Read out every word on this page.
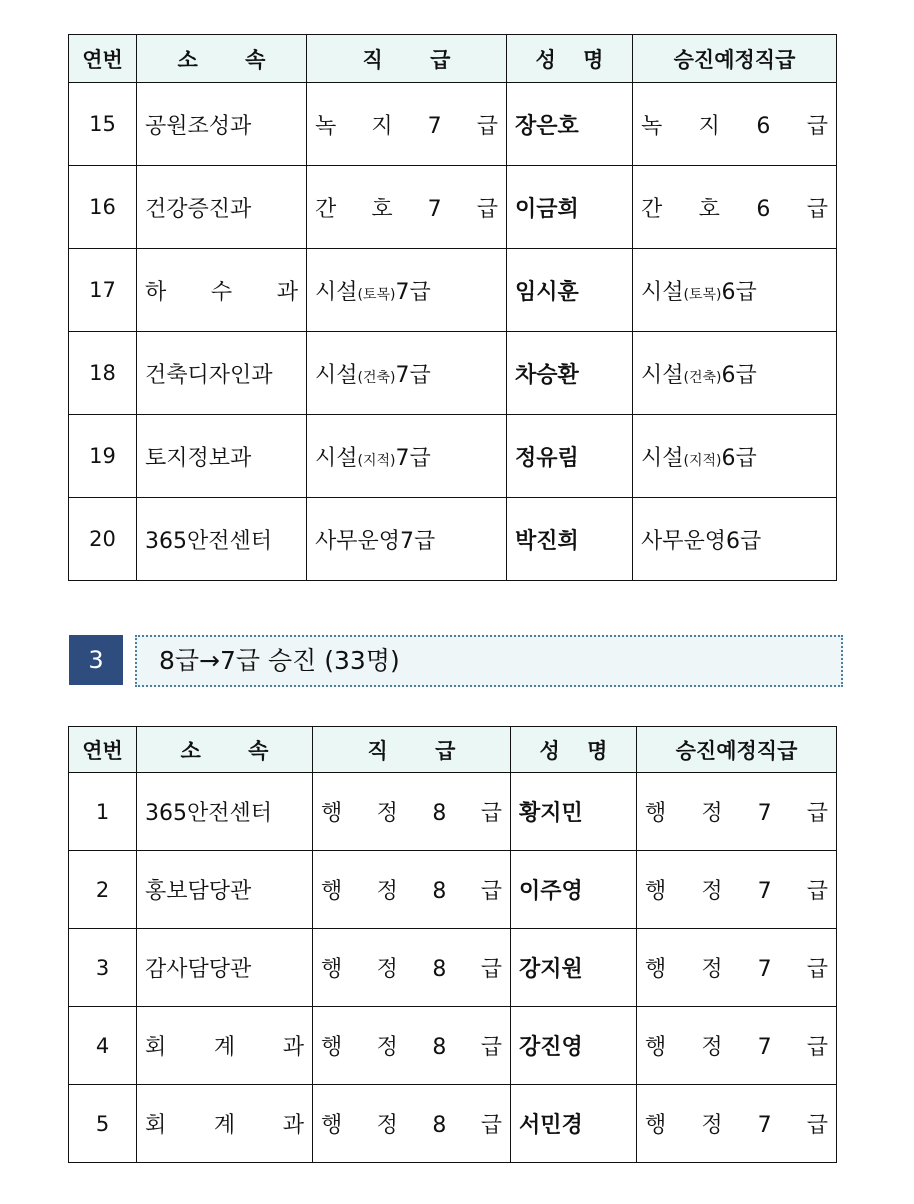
연번	소 속	직 급	성 명	승진예정직급
15	공원조성과	녹 지 7 급	장은호	녹 지 6 급
16	건강증진과	간 호 7 급	이금희	간 호 6 급
17	하 수 과	시설(토목)7급	임시훈	시설(토목)6급
18	건축디자인과	시설(건축)7급	차승환	시설(건축)6급
19	토지정보과	시설(지적)7급	정유림	시설(지적)6급
20	365안전센터	사무운영7급	박진희	사무운영6급
3	8급→7급 승진 (33명)
연번	소 속	직 급	성 명	승진예정직급
1	365안전센터	행 정 8 급	황지민	행 정 7 급
2	홍보담당관	행 정 8 급	이주영	행 정 7 급
3	감사담당관	행 정 8 급	강지원	행 정 7 급
4	회 계 과	행 정 8 급	강진영	행 정 7 급
5	회 계 과	행 정 8 급	서민경	행 정 7 급
